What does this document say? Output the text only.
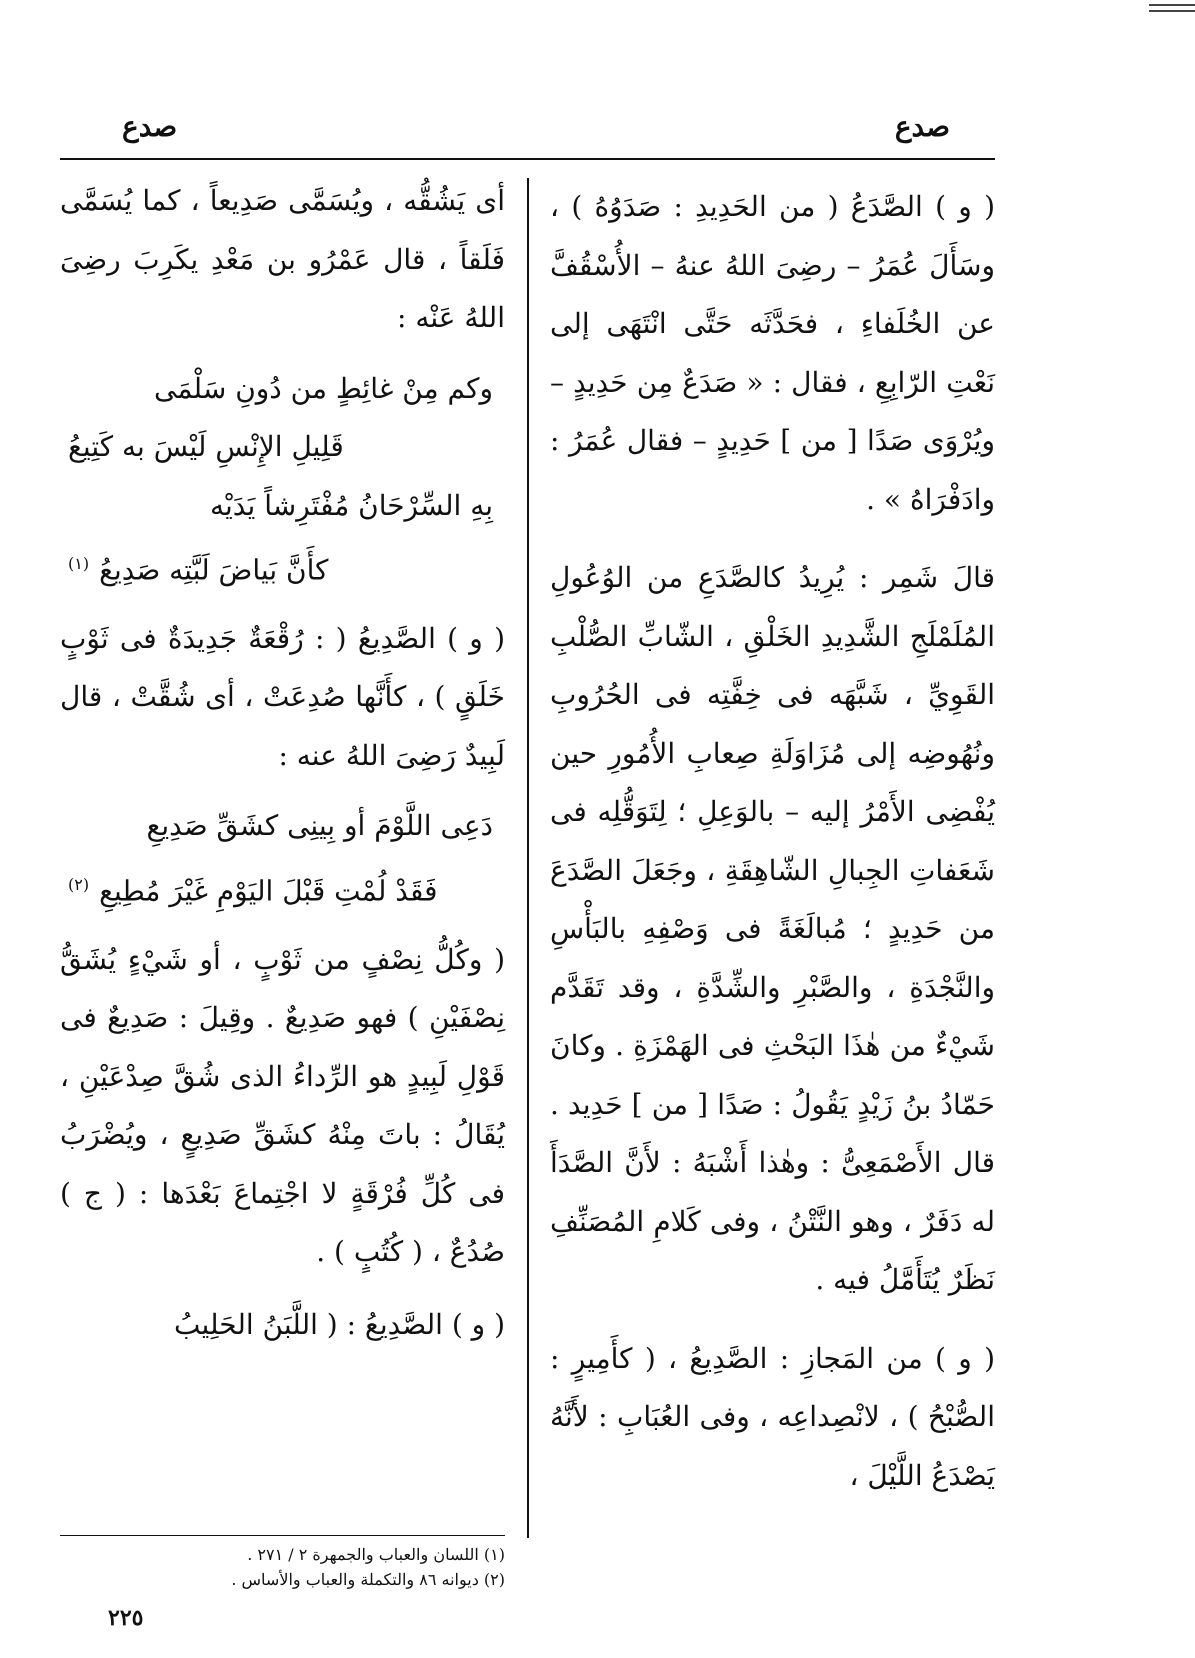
صدع
صدع

( و ) الصَّدَعُ ( من الحَدِيدِ : صَدَوُهُ ) ، وسَأَلَ عُمَرُ – رضِىَ اللهُ عنهُ – الأُسْقُفَّ عن الخُلَفاءِ ، فحَدَّثَه حَتَّى انْتَهَى إلى نَعْتِ الرّابِعِ ، فقال : « صَدَعٌ مِن حَدِيدٍ – ويُرْوَى صَدًا [ من ] حَدِيدٍ – فقال عُمَرُ : وادَفْرَاهُ » .

قالَ شَمِر : يُرِيدُ كالصَّدَعِ من الوُعُولِ المُلَمْلَجِ الشَّدِيدِ الخَلْقِ ، الشّابِّ الصُّلْبِ القَوِيِّ ، شَبَّهَه فى خِفَّتِه فى الحُرُوبِ ونُهُوضِه إلى مُزَاوَلَةِ صِعابِ الأُمُورِ حين يُفْضِى الأَمْرُ إليه – بالوَعِلِ ؛ لِتَوَقُّلِه فى شَعَفاتِ الجِبالِ الشّاهِقَةِ ، وجَعَلَ الصَّدَعَ من حَدِيدٍ ؛ مُبالَغَةً فى وَصْفِهِ بالبَأْسِ والنَّجْدَةِ ، والصَّبْرِ والشِّدَّةِ ، وقد تَقَدَّم شَيْءٌ من هٰذَا البَحْثِ فى الهَمْزَةِ . وكانَ حَمّادُ بنُ زَيْدٍ يَقُولُ : صَدًا [ من ] حَدِيد . قال الأَصْمَعِىُّ : وهٰذا أَشْبَهُ : لأَنَّ الصَّدَأَ له دَفَرٌ ، وهو النَّتْنُ ، وفى كَلامِ المُصَنِّفِ نَظَرٌ يُتَأَمَّلُ فيه .

( و ) من المَجازِ : الصَّدِيعُ ، ( كأَمِيرٍ : الصُّبْحُ ) ، لانْصِداعِه ، وفى العُبَابِ : لأَنَّهُ يَصْدَعُ اللَّيْلَ ،

أى يَشُقُّه ، ويُسَمَّى صَدِيعاً ، كما يُسَمَّى فَلَقاً ، قال عَمْرُو بن مَعْدِ يكَرِبَ رضِىَ اللهُ عَنْه :

وكم مِنْ غائِطٍ من دُونِ سَلْمَى
قَلِيلِ الإِنْسِ لَيْسَ به كَتِيعُ
بِهِ السِّرْحَانُ مُفْتَرِشاً يَدَيْه
كأَنَّ بَياضَ لَبَّتِه صَدِيعُ$^{(١)}$

( و ) الصَّدِيعُ ( : رُقْعَةٌ جَدِيدَةٌ فى ثَوْبٍ خَلَقٍ ) ، كأَنَّها صُدِعَتْ ، أى شُقَّتْ ، قال لَبِيدٌ رَضِىَ اللهُ عنه :

دَعِى اللَّوْمَ أو بِينِى كشَقِّ صَدِيعِ
فَقَدْ لُمْتِ قَبْلَ اليَوْمِ غَيْرَ مُطِيعِ$^{(٢)}$

( وكُلُّ نِصْفٍ من ثَوْبٍ ، أو شَيْءٍ يُشَقُّ نِصْفَيْنِ ) فهو صَدِيعٌ . وقِيلَ : صَدِيعٌ فى قَوْلِ لَبِيدٍ هو الرِّداءُ الذى شُقَّ صِدْعَيْنِ ، يُقَالُ : باتَ مِنْهُ كشَقِّ صَدِيعٍ ، ويُضْرَبُ فى كُلِّ فُرْقَةٍ لا اجْتِماعَ بَعْدَها : ( ج ) صُدُعٌ ، ( كُتُبٍ ) .

( و ) الصَّدِيعُ : ( اللَّبَنُ الحَلِيبُ

(١) اللسان والعباب والجمهرة ٢ / ٢٧١ .
(٢) ديوانه ٨٦ والتكملة والعباب والأساس .
٢٢٥
